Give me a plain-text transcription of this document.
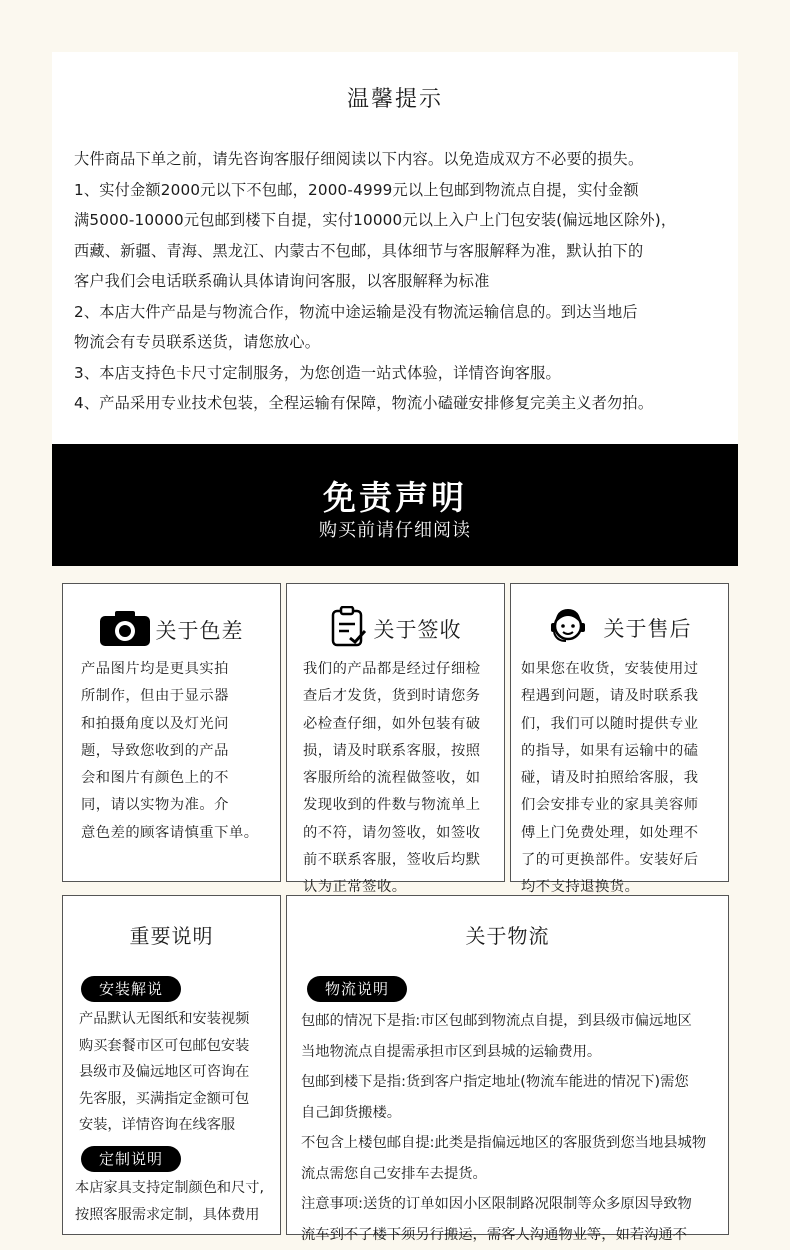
温馨提示
大件商品下单之前，请先咨询客服仔细阅读以下内容。以免造成双方不必要的损失。
1、实付金额2000元以下不包邮，2000-4999元以上包邮到物流点自提，实付金额
满5000-10000元包邮到楼下自提，实付10000元以上入户上门包安装(偏远地区除外)，
西藏、新疆、青海、黑龙江、内蒙古不包邮，具体细节与客服解释为准，默认拍下的
客户我们会电话联系确认具体请询问客服，以客服解释为标准
2、本店大件产品是与物流合作，物流中途运输是没有物流运输信息的。到达当地后
物流会有专员联系送货，请您放心。
3、本店支持色卡尺寸定制服务，为您创造一站式体验，详情咨询客服。
4、产品采用专业技术包装，全程运输有保障，物流小磕碰安排修复完美主义者勿拍。
免责声明
购买前请仔细阅读
关于色差
产品图片均是更具实拍
所制作，但由于显示器
和拍摄角度以及灯光问
题，导致您收到的产品
会和图片有颜色上的不
同，请以实物为准。介
意色差的顾客请慎重下单。
关于签收
我们的产品都是经过仔细检
查后才发货，货到时请您务
必检查仔细，如外包装有破
损，请及时联系客服，按照
客服所给的流程做签收，如
发现收到的件数与物流单上
的不符，请勿签收，如签收
前不联系客服，签收后均默
认为正常签收。
关于售后
如果您在收货，安装使用过
程遇到问题，请及时联系我
们，我们可以随时提供专业
的指导，如果有运输中的磕
碰，请及时拍照给客服，我
们会安排专业的家具美容师
傅上门免费处理，如处理不
了的可更换部件。安装好后
均不支持退换货。
重要说明
安装解说
产品默认无图纸和安装视频
购买套餐市区可包邮包安装
县级市及偏远地区可咨询在
先客服，买满指定金额可包
安装，详情咨询在线客服
定制说明
本店家具支持定制颜色和尺寸,
按照客服需求定制，具体费用
关于物流
物流说明
包邮的情况下是指:市区包邮到物流点自提，到县级市偏远地区
当地物流点自提需承担市区到县城的运输费用。
包邮到楼下是指:货到客户指定地址(物流车能进的情况下)需您
自己卸货搬楼。
不包含上楼包邮自提:此类是指偏远地区的客服货到您当地县城物
流点需您自己安排车去提货。
注意事项:送货的订单如因小区限制路况限制等众多原因导致物
流车到不了楼下须另行搬运，需客人沟通物业等，如若沟通不
